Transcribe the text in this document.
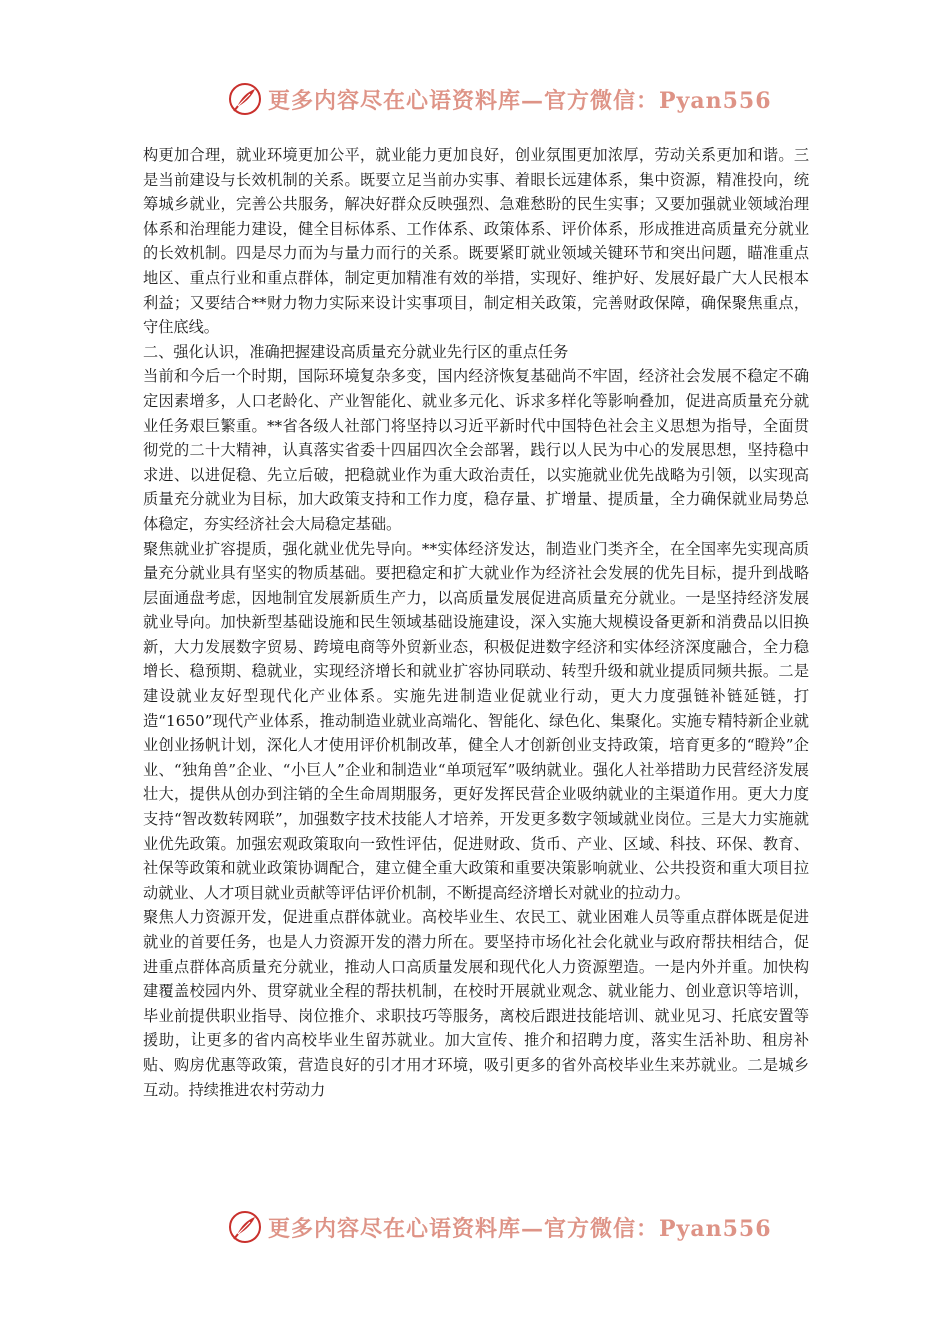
更多内容尽在心语资料库—官方微信：Pyan556

构更加合理，就业环境更加公平，就业能力更加良好，创业氛围更加浓厚，劳动关系更加和谐。三是当前建设与长效机制的关系。既要立足当前办实事、着眼长远建体系，集中资源，精准投向，统筹城乡就业，完善公共服务，解决好群众反映强烈、急难愁盼的民生实事；又要加强就业领域治理体系和治理能力建设，健全目标体系、工作体系、政策体系、评价体系，形成推进高质量充分就业的长效机制。四是尽力而为与量力而行的关系。既要紧盯就业领域关键环节和突出问题，瞄准重点地区、重点行业和重点群体，制定更加精准有效的举措，实现好、维护好、发展好最广大人民根本利益；又要结合**财力物力实际来设计实事项目，制定相关政策，完善财政保障，确保聚焦重点，守住底线。

二、强化认识，准确把握建设高质量充分就业先行区的重点任务

当前和今后一个时期，国际环境复杂多变，国内经济恢复基础尚不牢固，经济社会发展不稳定不确定因素增多，人口老龄化、产业智能化、就业多元化、诉求多样化等影响叠加，促进高质量充分就业任务艰巨繁重。**省各级人社部门将坚持以习近平新时代中国特色社会主义思想为指导，全面贯彻党的二十大精神，认真落实省委十四届四次全会部署，践行以人民为中心的发展思想，坚持稳中求进、以进促稳、先立后破，把稳就业作为重大政治责任，以实施就业优先战略为引领，以实现高质量充分就业为目标，加大政策支持和工作力度，稳存量、扩增量、提质量，全力确保就业局势总体稳定，夯实经济社会大局稳定基础。

聚焦就业扩容提质，强化就业优先导向。**实体经济发达，制造业门类齐全，在全国率先实现高质量充分就业具有坚实的物质基础。要把稳定和扩大就业作为经济社会发展的优先目标，提升到战略层面通盘考虑，因地制宜发展新质生产力，以高质量发展促进高质量充分就业。一是坚持经济发展就业导向。加快新型基础设施和民生领域基础设施建设，深入实施大规模设备更新和消费品以旧换新，大力发展数字贸易、跨境电商等外贸新业态，积极促进数字经济和实体经济深度融合，全力稳增长、稳预期、稳就业，实现经济增长和就业扩容协同联动、转型升级和就业提质同频共振。二是建设就业友好型现代化产业体系。实施先进制造业促就业行动，更大力度强链补链延链，打造“1650”现代产业体系，推动制造业就业高端化、智能化、绿色化、集聚化。实施专精特新企业就业创业扬帆计划，深化人才使用评价机制改革，健全人才创新创业支持政策，培育更多的“瞪羚”企业、“独角兽”企业、“小巨人”企业和制造业“单项冠军”吸纳就业。强化人社举措助力民营经济发展壮大，提供从创办到注销的全生命周期服务，更好发挥民营企业吸纳就业的主渠道作用。更大力度支持“智改数转网联”，加强数字技术技能人才培养，开发更多数字领域就业岗位。三是大力实施就业优先政策。加强宏观政策取向一致性评估，促进财政、货币、产业、区域、科技、环保、教育、社保等政策和就业政策协调配合，建立健全重大政策和重要决策影响就业、公共投资和重大项目拉动就业、人才项目就业贡献等评估评价机制，不断提高经济增长对就业的拉动力。

聚焦人力资源开发，促进重点群体就业。高校毕业生、农民工、就业困难人员等重点群体既是促进就业的首要任务，也是人力资源开发的潜力所在。要坚持市场化社会化就业与政府帮扶相结合，促进重点群体高质量充分就业，推动人口高质量发展和现代化人力资源塑造。一是内外并重。加快构建覆盖校园内外、贯穿就业全程的帮扶机制，在校时开展就业观念、就业能力、创业意识等培训，毕业前提供职业指导、岗位推介、求职技巧等服务，离校后跟进技能培训、就业见习、托底安置等援助，让更多的省内高校毕业生留苏就业。加大宣传、推介和招聘力度，落实生活补助、租房补贴、购房优惠等政策，营造良好的引才用才环境，吸引更多的省外高校毕业生来苏就业。二是城乡互动。持续推进农村劳动力

更多内容尽在心语资料库—官方微信：Pyan556
